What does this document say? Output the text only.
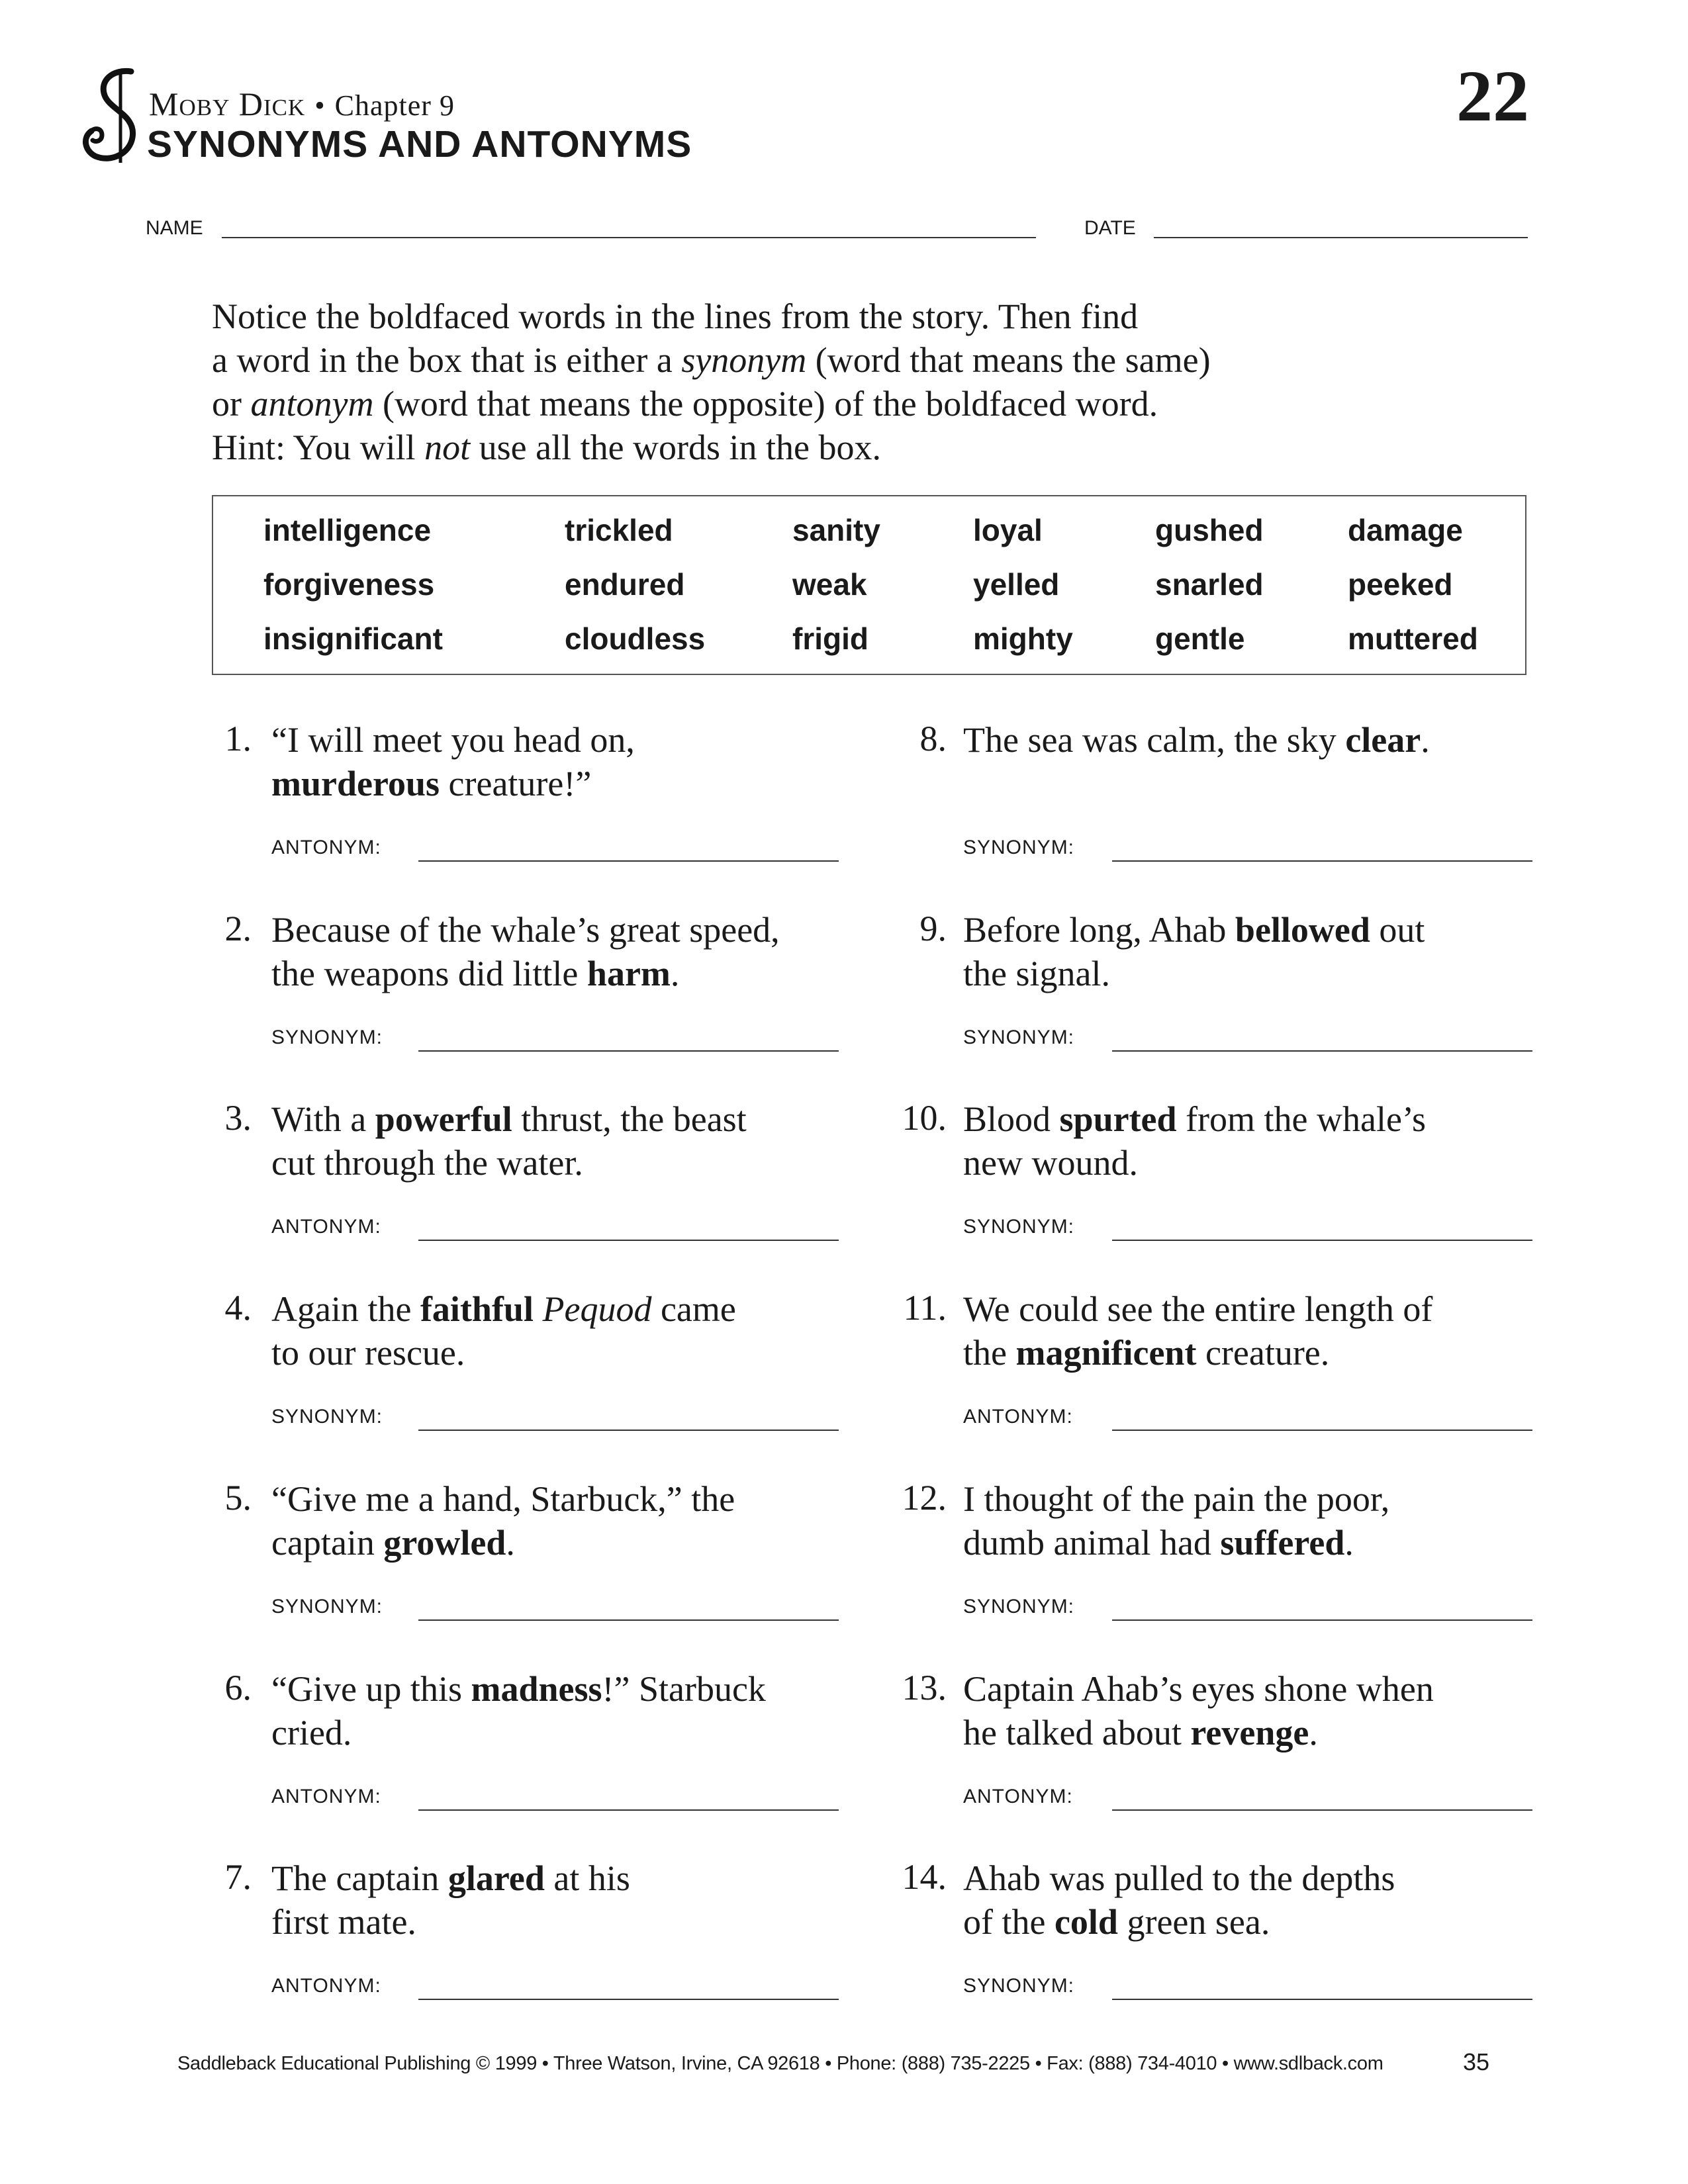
Moby Dick • Chapter 9
SYNONYMS AND ANTONYMS
22
NAME	DATE
Notice the boldfaced words in the lines from the story. Then find
a word in the box that is either a synonym (word that means the same)
or antonym (word that means the opposite) of the boldfaced word.
Hint: You will not use all the words in the box.
intelligence	trickled	sanity	loyal	gushed	damage
forgiveness	endured	weak	yelled	snarled	peeked
insignificant	cloudless	frigid	mighty	gentle	muttered
1. “I will meet you head on,
murderous creature!”
ANTONYM:
2. Because of the whale’s great speed,
the weapons did little harm.
SYNONYM:
3. With a powerful thrust, the beast
cut through the water.
ANTONYM:
4. Again the faithful Pequod came
to our rescue.
SYNONYM:
5. “Give me a hand, Starbuck,” the
captain growled.
SYNONYM:
6. “Give up this madness!” Starbuck
cried.
ANTONYM:
7. The captain glared at his
first mate.
ANTONYM:
8. The sea was calm, the sky clear.
SYNONYM:
9. Before long, Ahab bellowed out
the signal.
SYNONYM:
10. Blood spurted from the whale’s
new wound.
SYNONYM:
11. We could see the entire length of
the magnificent creature.
ANTONYM:
12. I thought of the pain the poor,
dumb animal had suffered.
SYNONYM:
13. Captain Ahab’s eyes shone when
he talked about revenge.
ANTONYM:
14. Ahab was pulled to the depths
of the cold green sea.
SYNONYM:
Saddleback Educational Publishing © 1999 • Three Watson, Irvine, CA 92618 • Phone: (888) 735-2225 • Fax: (888) 734-4010 • www.sdlback.com	35
